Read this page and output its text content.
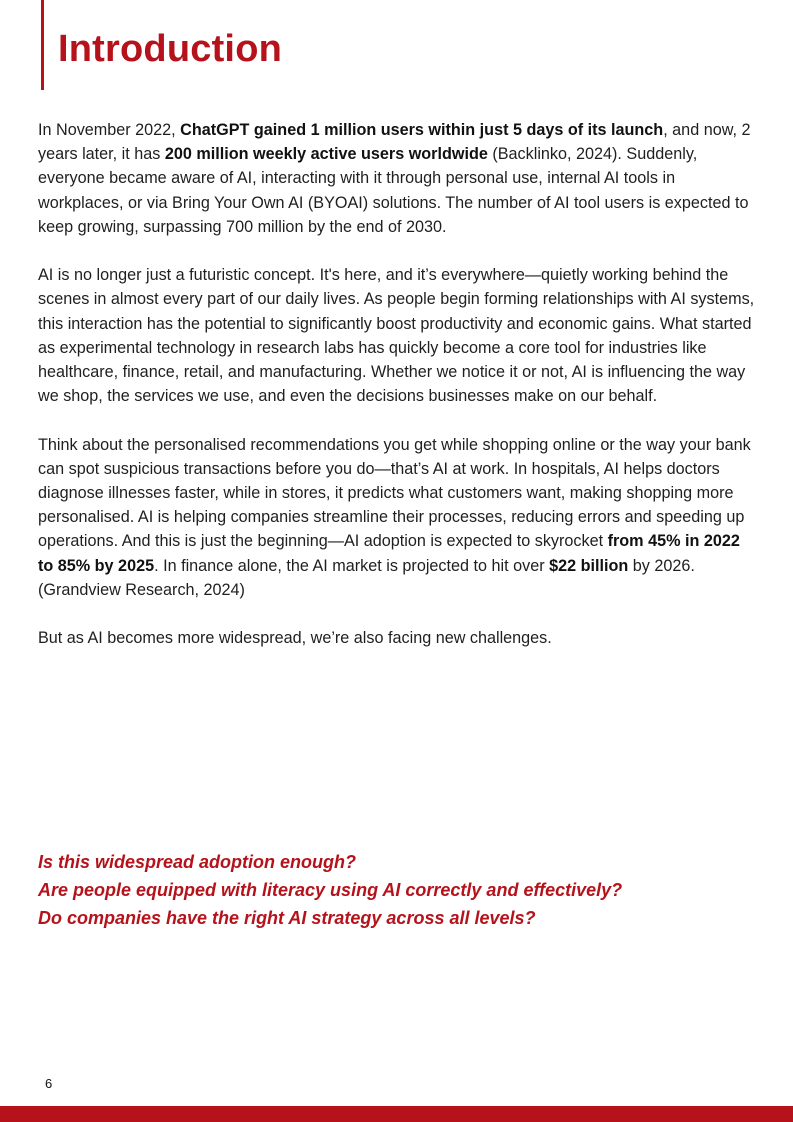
Introduction

In November 2022, ChatGPT gained 1 million users within just 5 days of its launch, and now, 2 years later, it has 200 million weekly active users worldwide (Backlinko, 2024). Suddenly, everyone became aware of AI, interacting with it through personal use, internal AI tools in workplaces, or via Bring Your Own AI (BYOAI) solutions. The number of AI tool users is expected to keep growing, surpassing 700 million by the end of 2030.

AI is no longer just a futuristic concept. It's here, and it’s everywhere—quietly working behind the scenes in almost every part of our daily lives. As people begin forming relationships with AI systems, this interaction has the potential to significantly boost productivity and economic gains. What started as experimental technology in research labs has quickly become a core tool for industries like healthcare, finance, retail, and manufacturing. Whether we notice it or not, AI is influencing the way we shop, the services we use, and even the decisions businesses make on our behalf.

Think about the personalised recommendations you get while shopping online or the way your bank can spot suspicious transactions before you do—that’s AI at work. In hospitals, AI helps doctors diagnose illnesses faster, while in stores, it predicts what customers want, making shopping more personalised. AI is helping companies streamline their processes, reducing errors and speeding up operations. And this is just the beginning—AI adoption is expected to skyrocket from 45% in 2022 to 85% by 2025. In finance alone, the AI market is projected to hit over $22 billion by 2026. (Grandview Research, 2024)

But as AI becomes more widespread, we’re also facing new challenges.

Is this widespread adoption enough?
Are people equipped with literacy using AI correctly and effectively?
Do companies have the right AI strategy across all levels?
6
